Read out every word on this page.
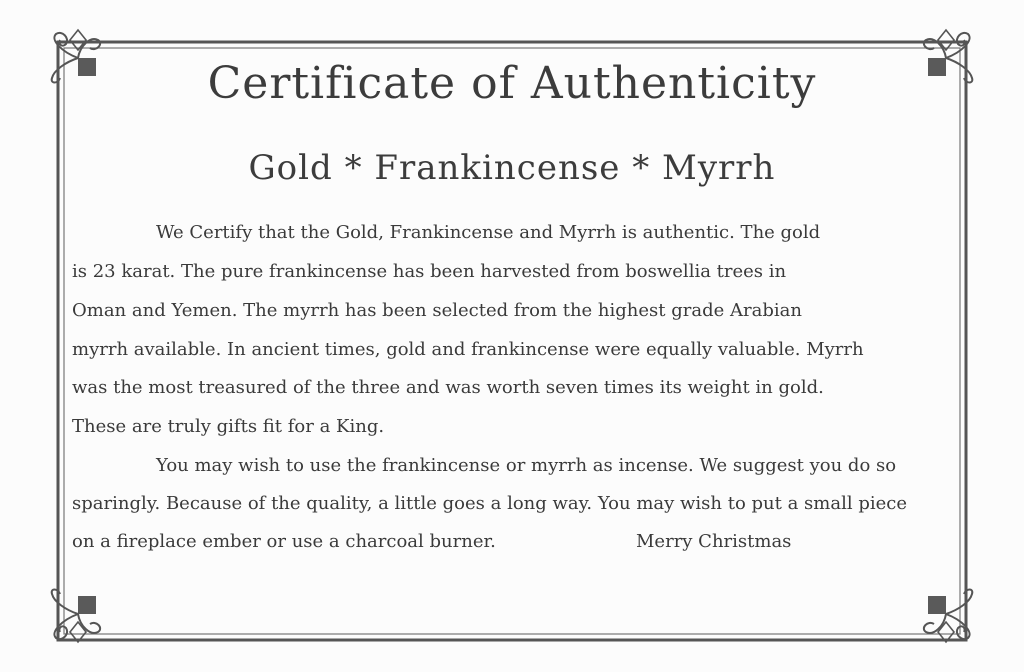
Certificate of Authenticity
Gold * Frankincense * Myrrh
We Certify that the Gold, Frankincense and Myrrh is authentic. The gold
is 23 karat. The pure frankincense has been harvested from boswellia trees in
Oman and Yemen. The myrrh has been selected from the highest grade Arabian
myrrh available. In ancient times, gold and frankincense were equally valuable. Myrrh
was the most treasured of the three and was worth seven times its weight in gold.
These are truly gifts fit for a King.
You may wish to use the frankincense or myrrh as incense. We suggest you do so
sparingly. Because of the quality, a little goes a long way. You may wish to put a small piece
on a fireplace ember or use a charcoal burner.	Merry Christmas
